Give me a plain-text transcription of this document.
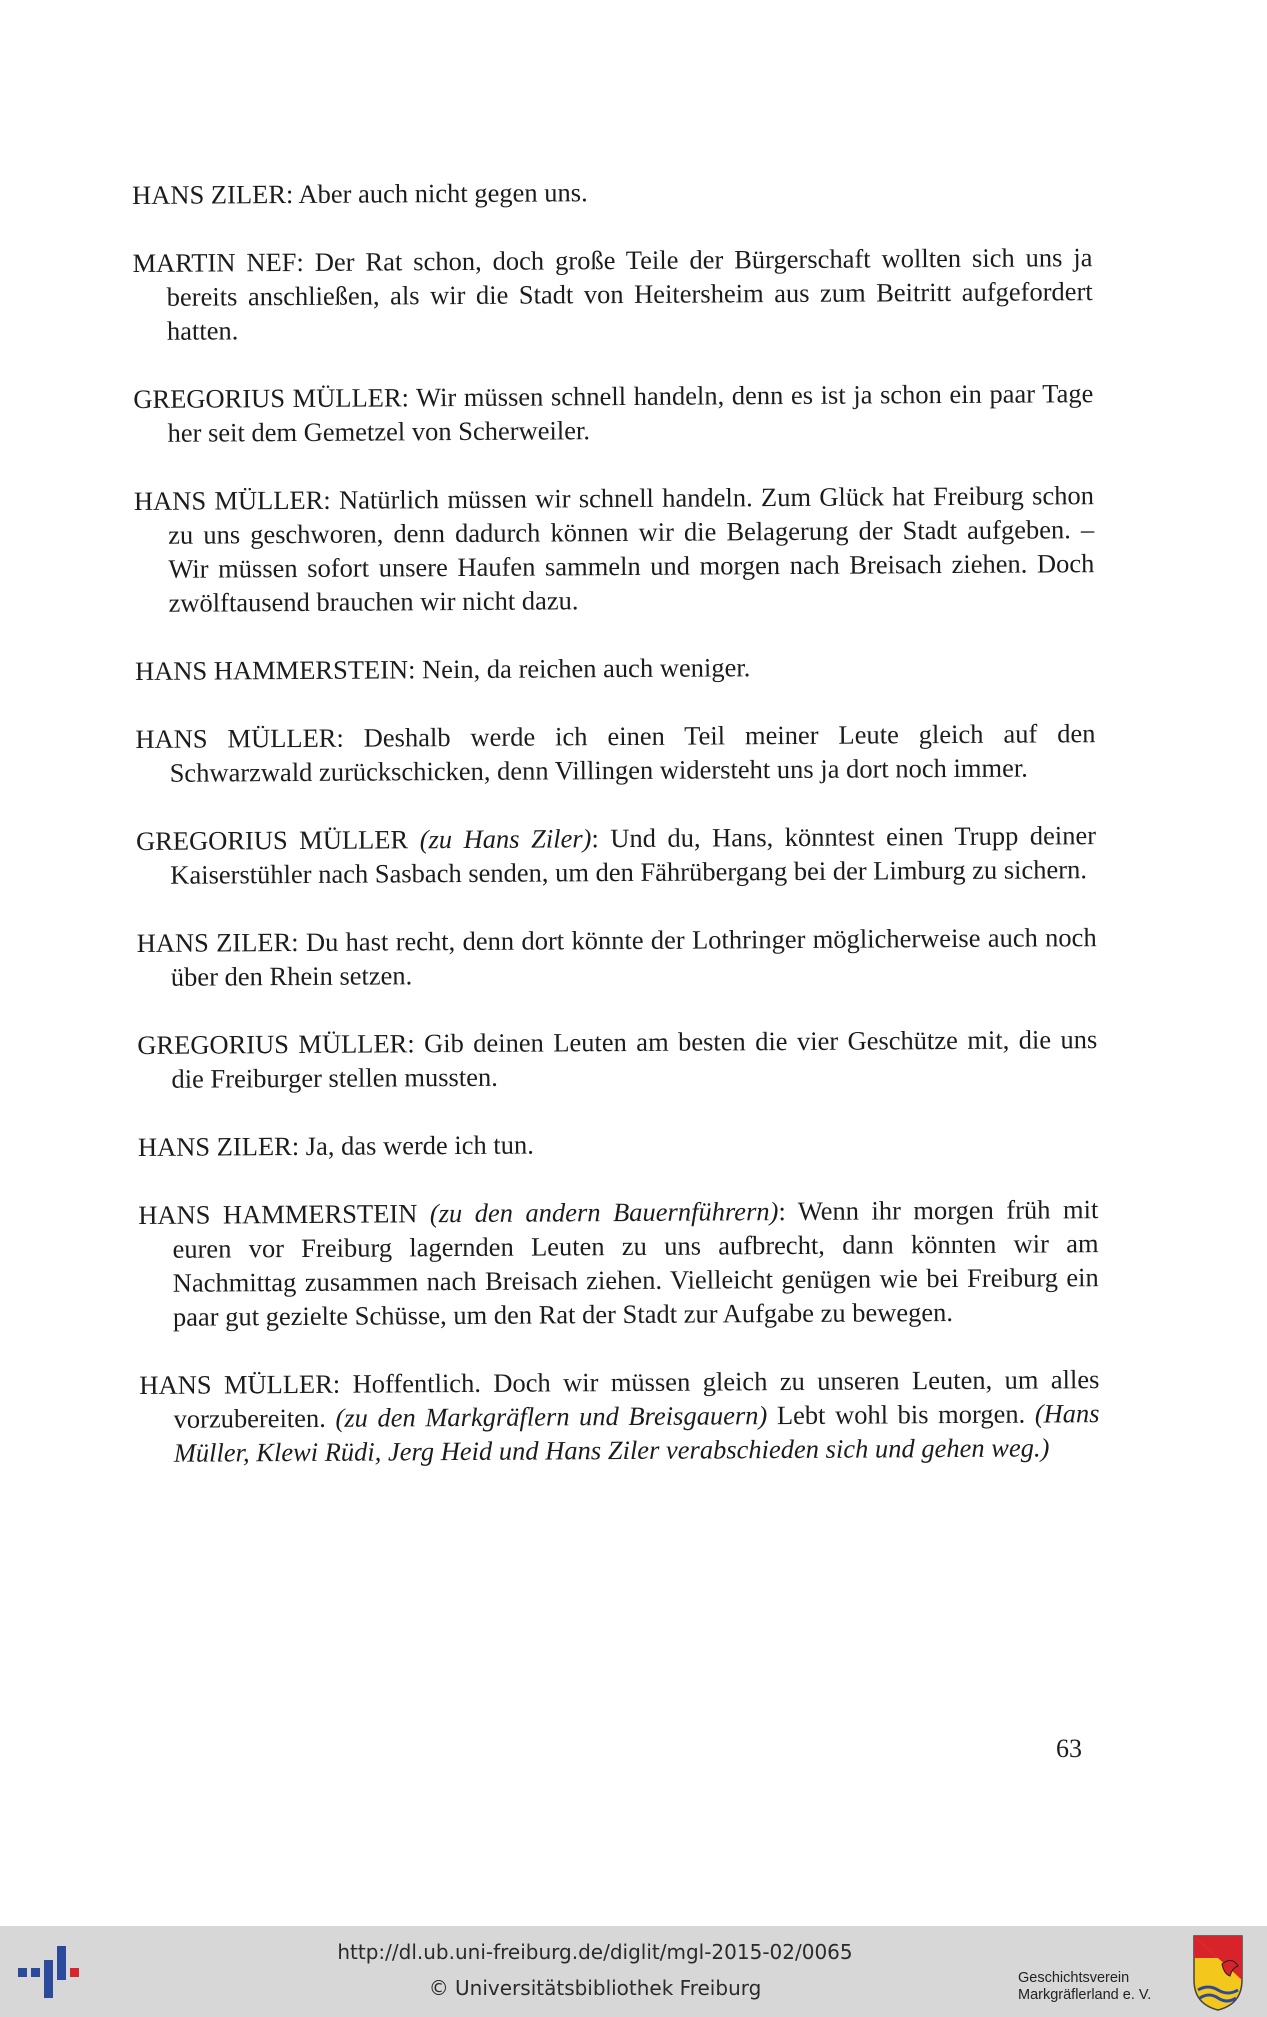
HANS ZILER: Aber auch nicht gegen uns.

MARTIN NEF: Der Rat schon, doch große Teile der Bürgerschaft wollten sich uns ja bereits anschließen, als wir die Stadt von Heitersheim aus zum Beitritt aufgefordert hatten.

GREGORIUS MÜLLER: Wir müssen schnell handeln, denn es ist ja schon ein paar Tage her seit dem Gemetzel von Scherweiler.

HANS MÜLLER: Natürlich müssen wir schnell handeln. Zum Glück hat Freiburg schon zu uns geschworen, denn dadurch können wir die Belagerung der Stadt aufgeben. – Wir müssen sofort unsere Haufen sammeln und morgen nach Breisach ziehen. Doch zwölftausend brauchen wir nicht dazu.

HANS HAMMERSTEIN: Nein, da reichen auch weniger.

HANS MÜLLER: Deshalb werde ich einen Teil meiner Leute gleich auf den Schwarzwald zurückschicken, denn Villingen widersteht uns ja dort noch immer.

GREGORIUS MÜLLER (zu Hans Ziler): Und du, Hans, könntest einen Trupp deiner Kaiserstühler nach Sasbach senden, um den Fährübergang bei der Limburg zu sichern.

HANS ZILER: Du hast recht, denn dort könnte der Lothringer möglicherweise auch noch über den Rhein setzen.

GREGORIUS MÜLLER: Gib deinen Leuten am besten die vier Geschütze mit, die uns die Freiburger stellen mussten.

HANS ZILER: Ja, das werde ich tun.

HANS HAMMERSTEIN (zu den andern Bauernführern): Wenn ihr morgen früh mit euren vor Freiburg lagernden Leuten zu uns aufbrecht, dann könnten wir am Nachmittag zusammen nach Breisach ziehen. Vielleicht genügen wie bei Freiburg ein paar gut gezielte Schüsse, um den Rat der Stadt zur Aufgabe zu bewegen.

HANS MÜLLER: Hoffentlich. Doch wir müssen gleich zu unseren Leuten, um alles vorzubereiten. (zu den Markgräflern und Breisgauern) Lebt wohl bis morgen. (Hans Müller, Klewi Rüdi, Jerg Heid und Hans Ziler verabschieden sich und gehen weg.)

63
http://dl.ub.uni-freiburg.de/diglit/mgl-2015-02/0065
© Universitätsbibliothek Freiburg	Geschichtsverein
Markgräflerland e. V.
